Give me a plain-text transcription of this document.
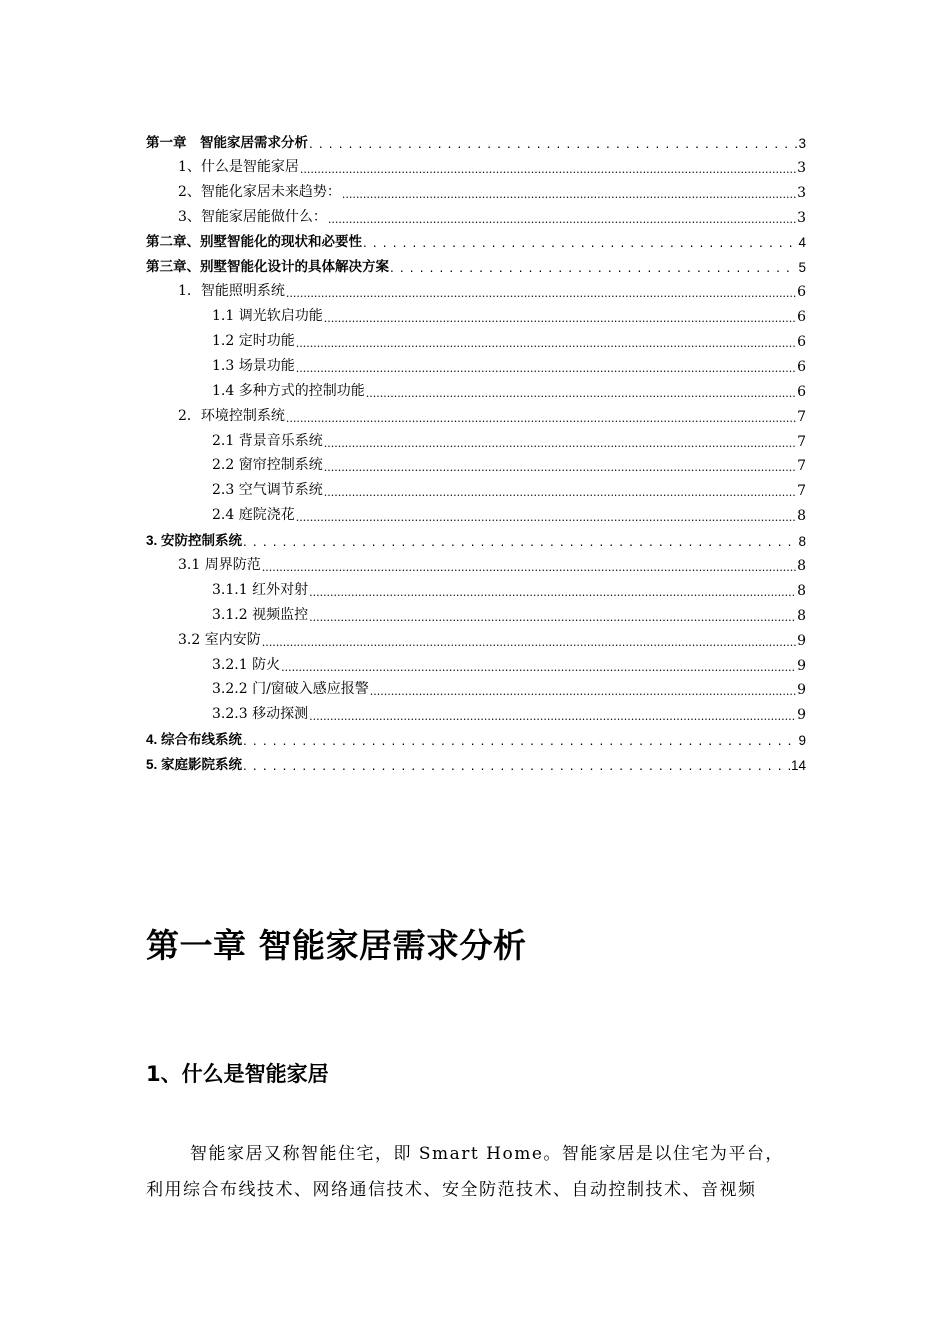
第一章　智能家居需求分析 . . .	3
1、什么是智能家居 .....	3
2、智能化家居未来趋势： .....	3
3、智能家居能做什么： .....	3
第二章、别墅智能化的现状和必要性 . . .	4
第三章、别墅智能化设计的具体解决方案 . . .	5
1．智能照明系统 .....	6
1.1 调光软启功能 .....	6
1.2 定时功能 .....	6
1.3 场景功能 .....	6
1.4 多种方式的控制功能 .....	6
2．环境控制系统 .....	7
2.1 背景音乐系统 .....	7
2.2 窗帘控制系统 .....	7
2.3 空气调节系统 .....	7
2.4 庭院浇花 .....	8
3. 安防控制系统 . . .	8
3.1 周界防范 .....	8
3.1.1 红外对射 .....	8
3.1.2 视频监控 .....	8
3.2 室内安防 .....	9
3.2.1 防火 .....	9
3.2.2 门/窗破入感应报警 .....	9
3.2.3 移动探测 .....	9
4. 综合布线系统 . . .	9
5. 家庭影院系统 . . .	14
第一章 智能家居需求分析
1、什么是智能家居
智能家居又称智能住宅，即 Smart Home。智能家居是以住宅为平台，
利用综合布线技术、网络通信技术、安全防范技术、自动控制技术、音视频
